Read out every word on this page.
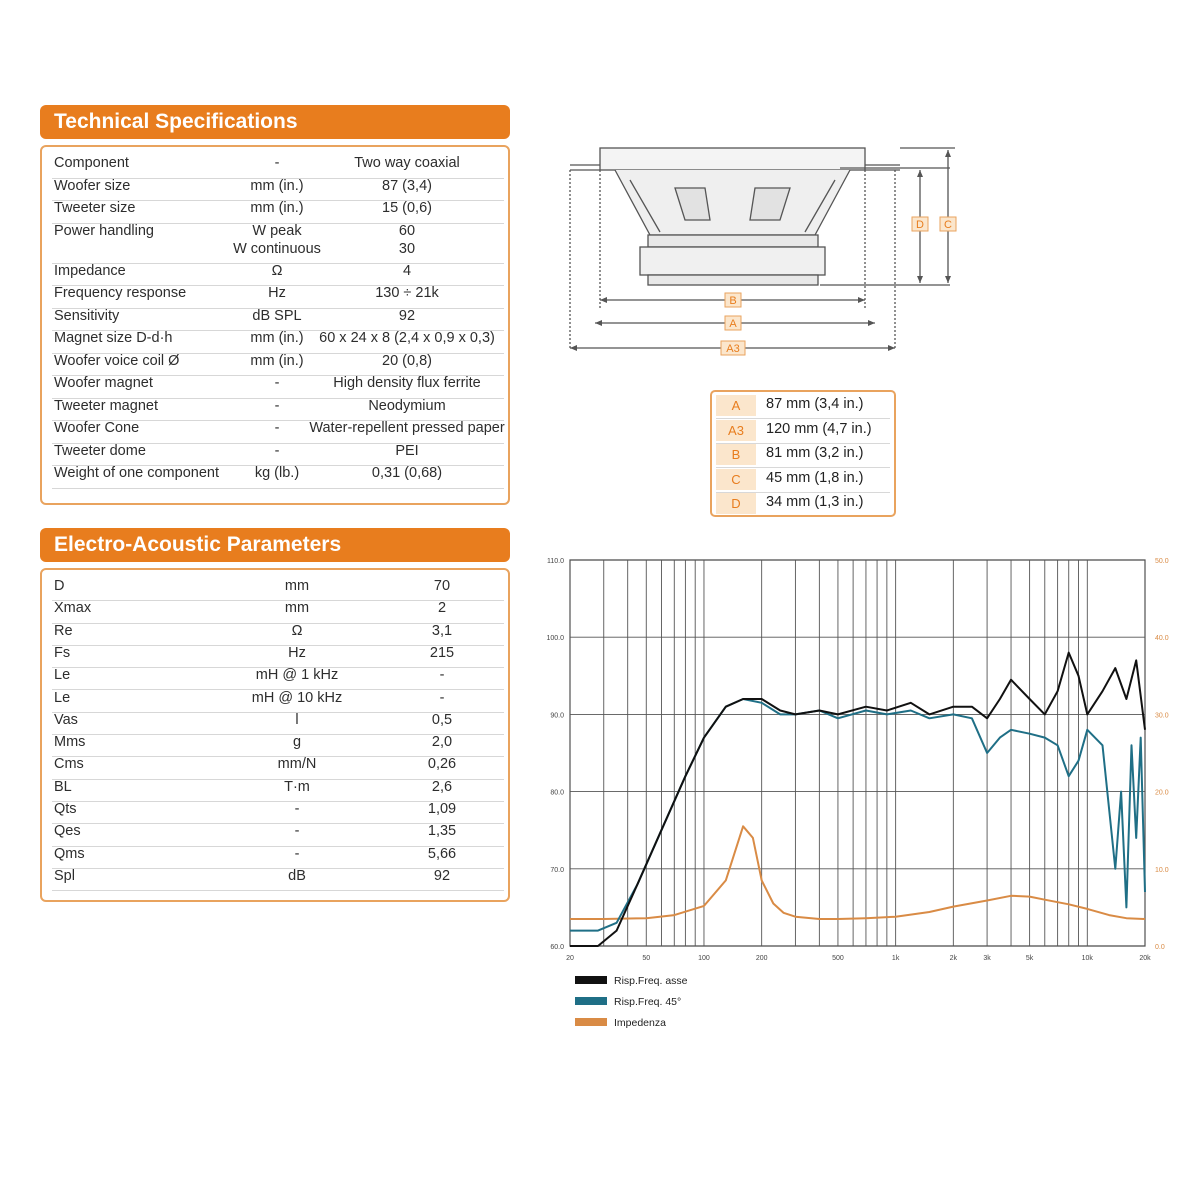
Technical Specifications
Component	-	Two way coaxial
Woofer size	mm (in.)	87 (3,4)
Tweeter size	mm (in.)	15 (0,6)
Power handling	W peak	60
W continuous	30
Impedance	Ω	4
Frequency response	Hz	130 ÷ 21k
Sensitivity	dB SPL	92
Magnet size D-d·h	mm (in.)	60 x 24 x 8 (2,4 x 0,9 x 0,3)
Woofer voice coil Ø	mm (in.)	20 (0,8)
Woofer magnet	-	High density flux ferrite
Tweeter magnet	-	Neodymium
Woofer Cone	-	Water-repellent pressed paper
Tweeter dome	-	PEI
Weight of one component	kg (lb.)	0,31 (0,68)
Electro-Acoustic Parameters
D	mm	70
Xmax	mm	2
Re	Ω	3,1
Fs	Hz	215
Le	mH @ 1 kHz	-
Le	mH @ 10 kHz	-
Vas	l	0,5
Mms	g	2,0
Cms	mm/N	0,26
BL	T·m	2,6
Qts	-	1,09
Qes	-	1,35
Qms	-	5,66
Spl	dB	92
B
A
A3
D C
A	87 mm (3,4 in.)
A3	120 mm (4,7 in.)
B	81 mm (3,2 in.)
C	45 mm (1,8 in.)
D	34 mm (1,3 in.)
60.0
70.0
80.0
90.0
100.0
110.0
0.0
10.0
20.0
30.0
40.0
50.0
20	50	100	200	500	1k	2k	3k	5k	10k	20k
Risp.Freq. asse
Risp.Freq. 45°
Impedenza
